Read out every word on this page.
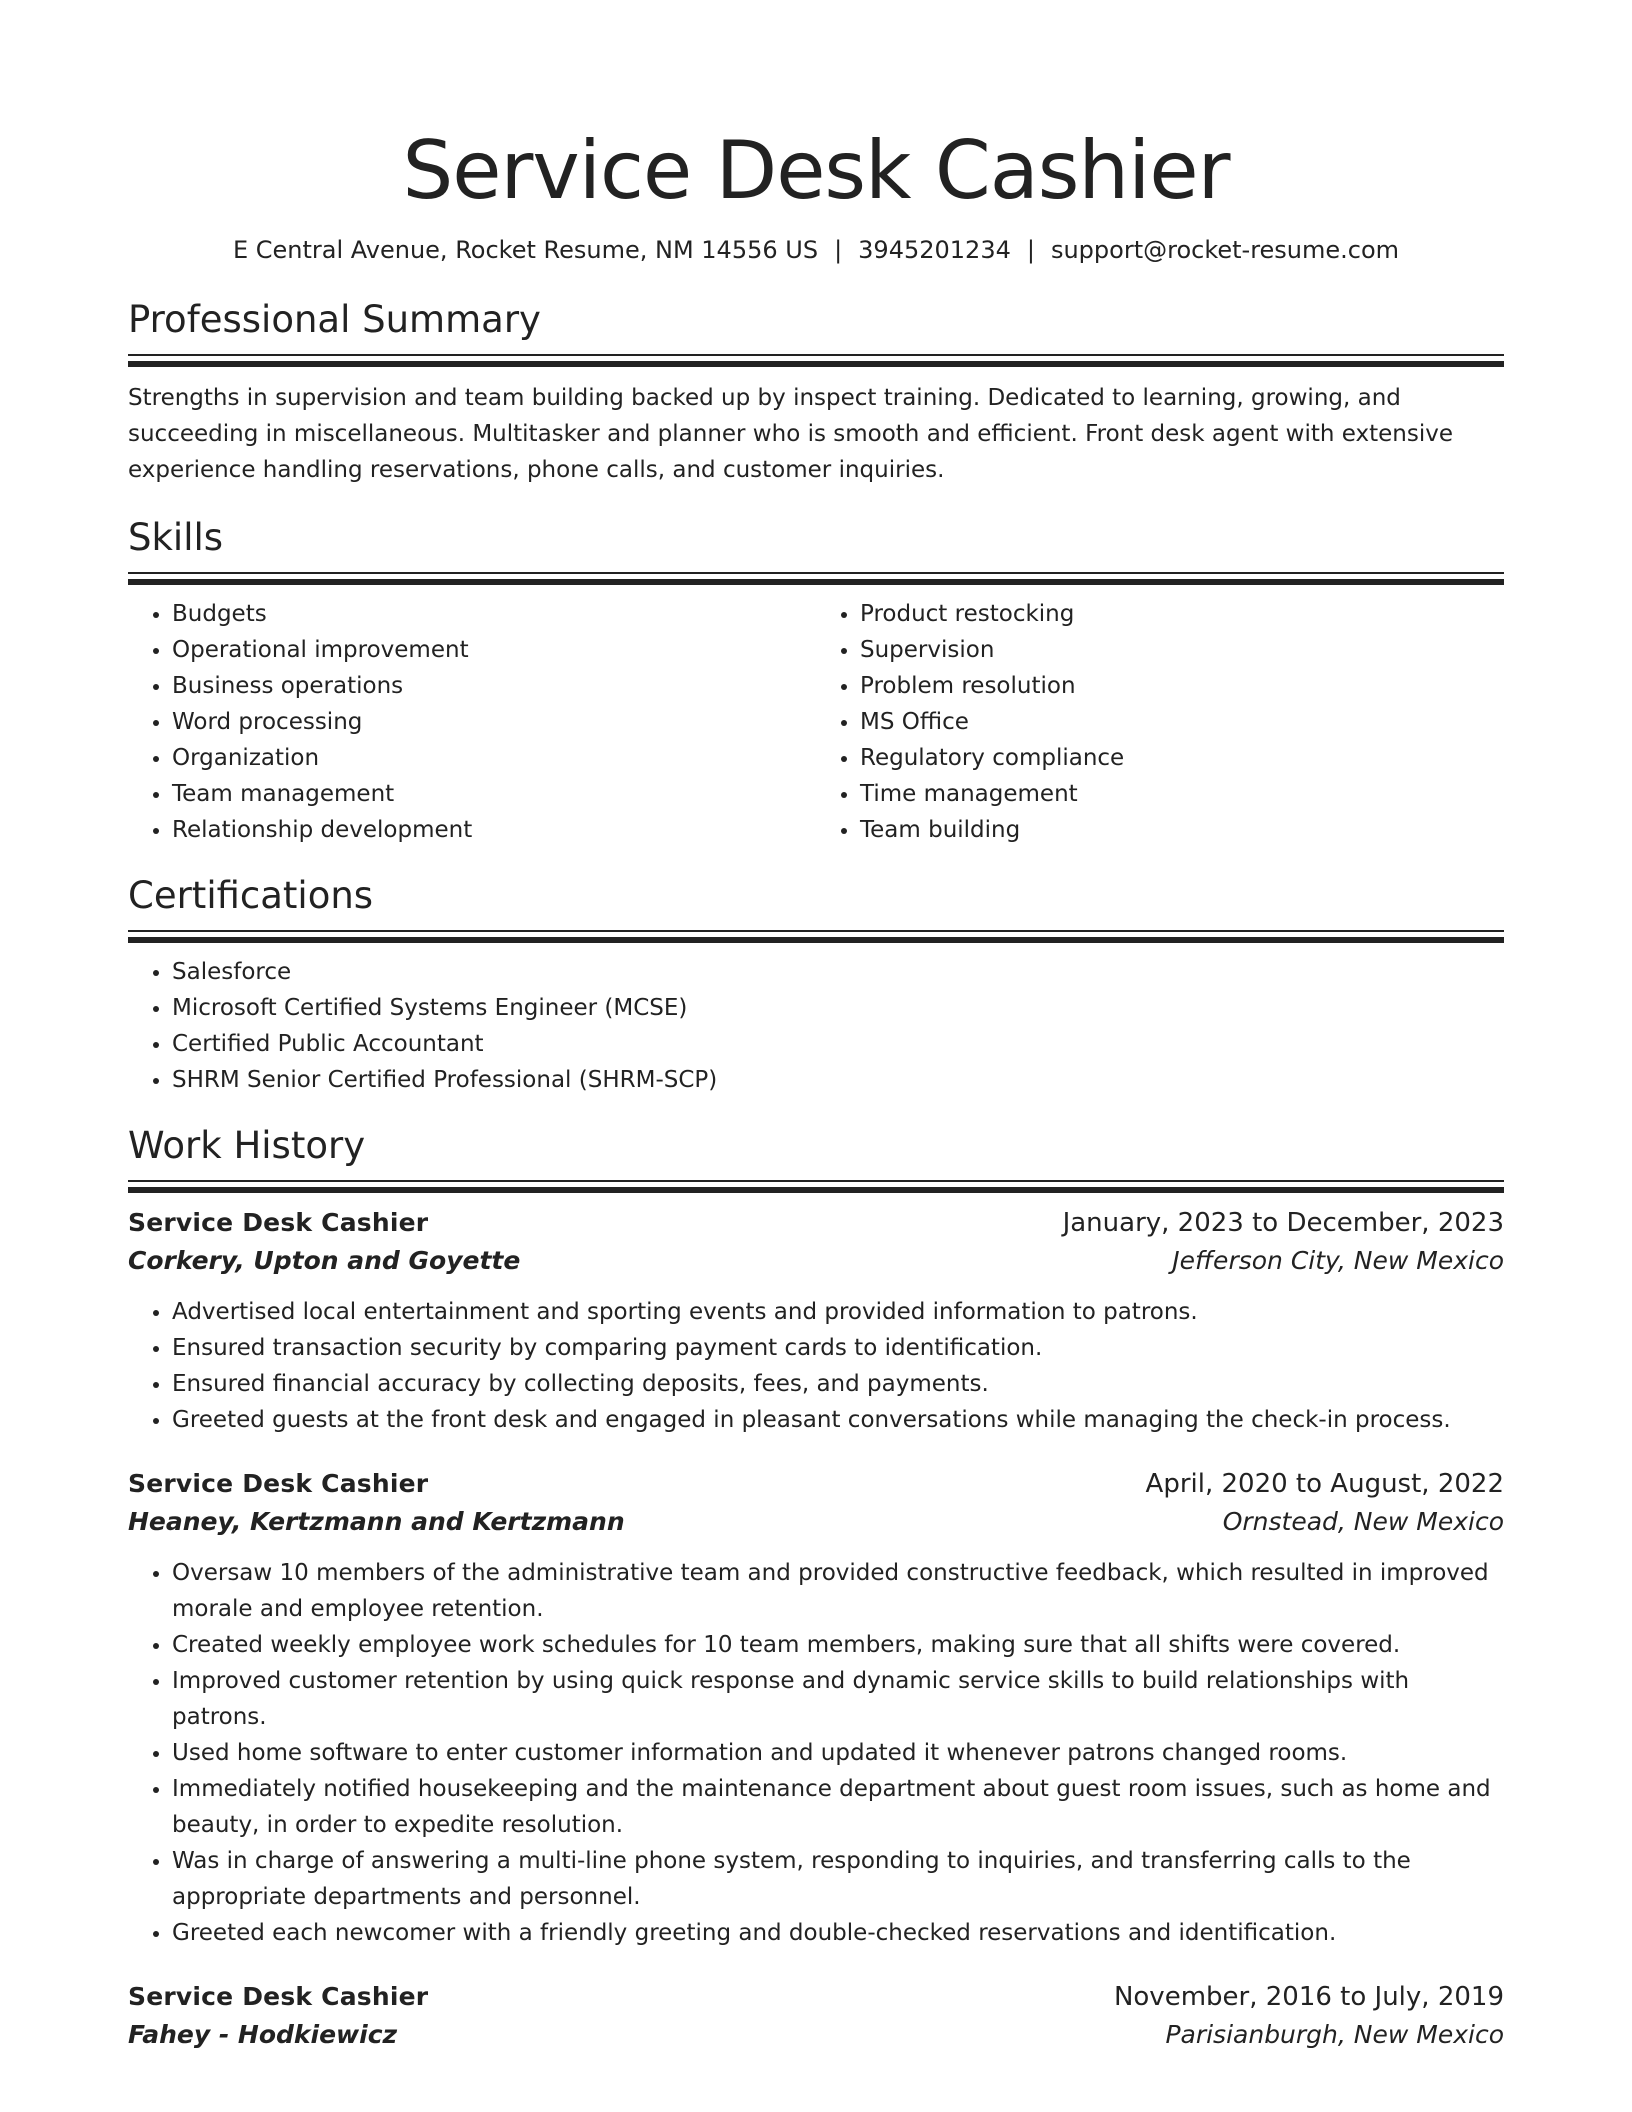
Service Desk Cashier
E Central Avenue, Rocket Resume, NM 14556 US | 3945201234 | support@rocket-resume.com
Professional Summary

Strengths in supervision and team building backed up by inspect training. Dedicated to learning, growing, and succeeding in miscellaneous. Multitasker and planner who is smooth and efficient. Front desk agent with extensive experience handling reservations, phone calls, and customer inquiries.

Skills
• Budgets
• Operational improvement
• Business operations
• Word processing
• Organization
• Team management
• Relationship development
• Product restocking
• Supervision
• Problem resolution
• MS Office
• Regulatory compliance
• Time management
• Team building
Certifications
• Salesforce
• Microsoft Certified Systems Engineer (MCSE)
• Certified Public Accountant
• SHRM Senior Certified Professional (SHRM-SCP)
Work History
Service Desk Cashier	January, 2023 to December, 2023
Corkery, Upton and Goyette	Jefferson City, New Mexico
• Advertised local entertainment and sporting events and provided information to patrons.
• Ensured transaction security by comparing payment cards to identification.
• Ensured financial accuracy by collecting deposits, fees, and payments.
• Greeted guests at the front desk and engaged in pleasant conversations while managing the check-in process.
Service Desk Cashier	April, 2020 to August, 2022
Heaney, Kertzmann and Kertzmann	Ornstead, New Mexico
• Oversaw 10 members of the administrative team and provided constructive feedback, which resulted in improved morale and employee retention.
• Created weekly employee work schedules for 10 team members, making sure that all shifts were covered.
• Improved customer retention by using quick response and dynamic service skills to build relationships with patrons.
• Used home software to enter customer information and updated it whenever patrons changed rooms.
• Immediately notified housekeeping and the maintenance department about guest room issues, such as home and beauty, in order to expedite resolution.
• Was in charge of answering a multi-line phone system, responding to inquiries, and transferring calls to the appropriate departments and personnel.
• Greeted each newcomer with a friendly greeting and double-checked reservations and identification.
Service Desk Cashier	November, 2016 to July, 2019
Fahey - Hodkiewicz	Parisianburgh, New Mexico
